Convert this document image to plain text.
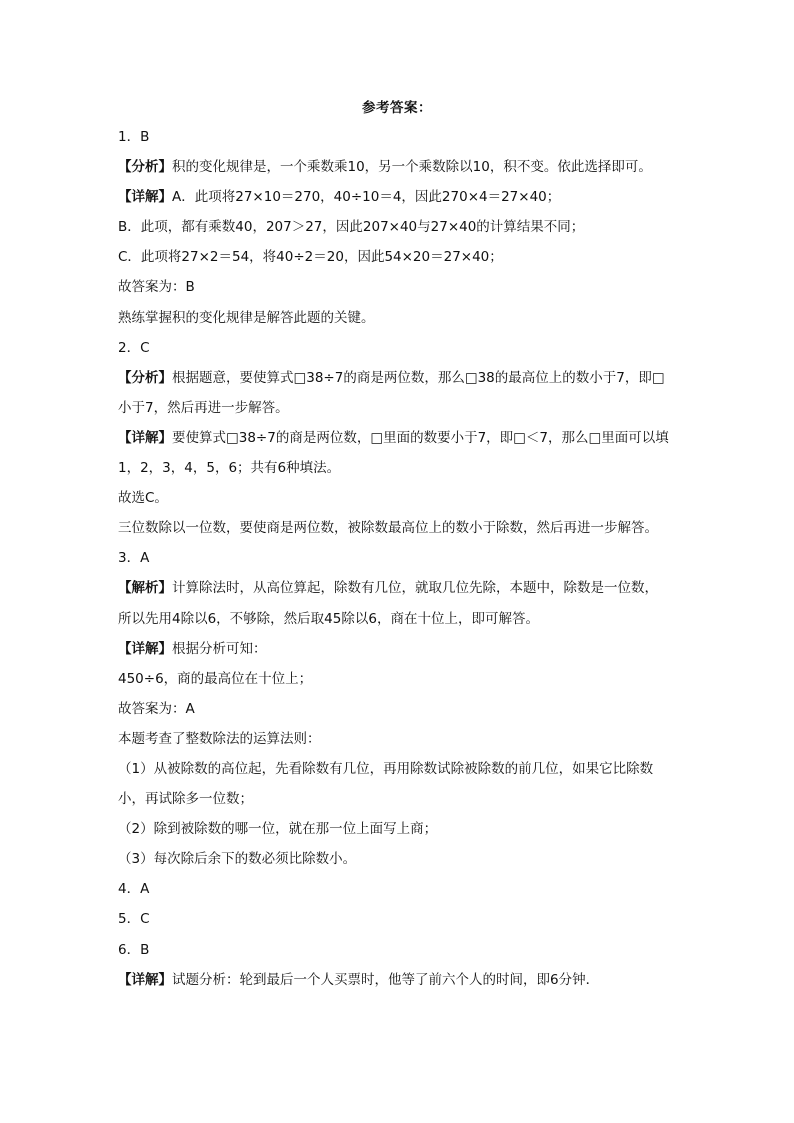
参考答案：
1．B
【分析】积的变化规律是，一个乘数乘10，另一个乘数除以10，积不变。依此选择即可。
【详解】A．此项将27×10＝270，40÷10＝4，因此270×4＝27×40；
B．此项，都有乘数40，207＞27，因此207×40与27×40的计算结果不同；
C．此项将27×2＝54，将40÷2＝20，因此54×20＝27×40；
故答案为：B
熟练掌握积的变化规律是解答此题的关键。
2．C
【分析】根据题意，要使算式□38÷7的商是两位数，那么□38的最高位上的数小于7，即□
小于7，然后再进一步解答。
【详解】要使算式□38÷7的商是两位数，□里面的数要小于7，即□＜7，那么□里面可以填
1，2，3，4，5，6；共有6种填法。
故选C。
三位数除以一位数，要使商是两位数，被除数最高位上的数小于除数，然后再进一步解答。
3．A
【解析】计算除法时，从高位算起，除数有几位，就取几位先除，本题中，除数是一位数，
所以先用4除以6，不够除，然后取45除以6，商在十位上，即可解答。
【详解】根据分析可知：
450÷6，商的最高位在十位上；
故答案为：A
本题考查了整数除法的运算法则：
（1）从被除数的高位起，先看除数有几位，再用除数试除被除数的前几位，如果它比除数
小，再试除多一位数；
（2）除到被除数的哪一位，就在那一位上面写上商；
（3）每次除后余下的数必须比除数小。
4．A
5．C
6．B
【详解】试题分析：轮到最后一个人买票时，他等了前六个人的时间，即6分钟．
